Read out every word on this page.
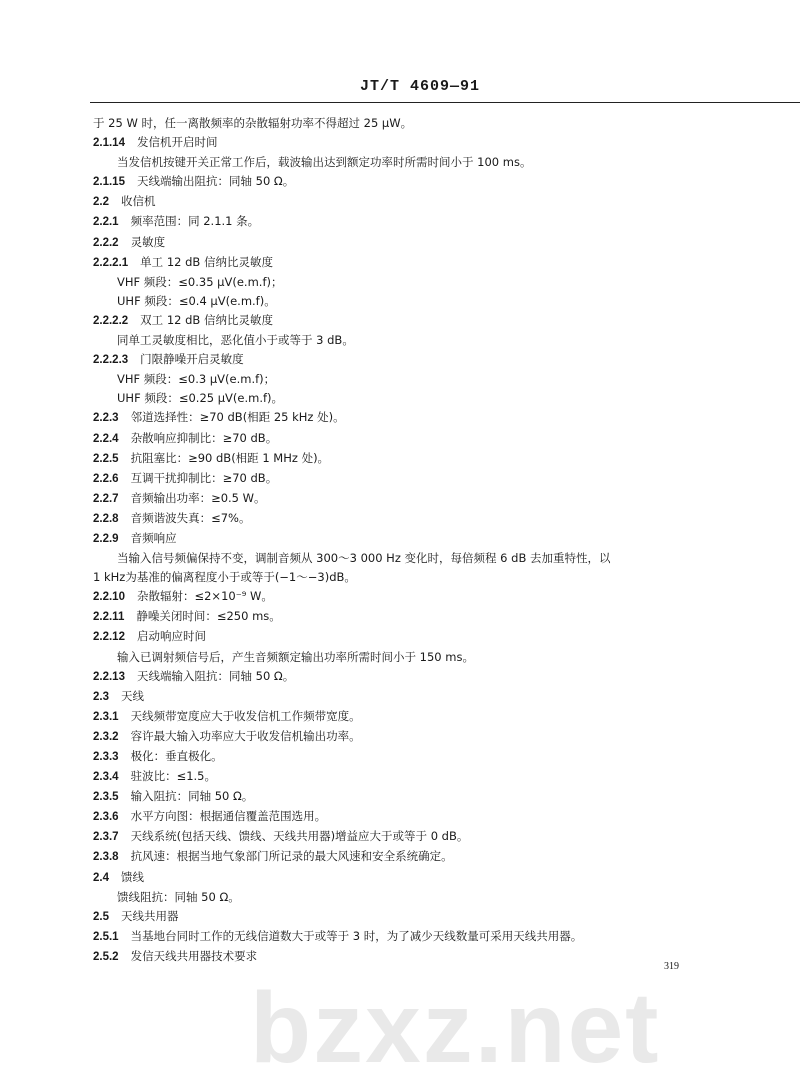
JT/T 4609—91
于 25 W 时，任一离散频率的杂散辐射功率不得超过 25 μW。
2.1.14 发信机开启时间
当发信机按键开关正常工作后，载波输出达到额定功率时所需时间小于 100 ms。
2.1.15 天线端输出阻抗：同轴 50 Ω。
2.2 收信机
2.2.1 频率范围：同 2.1.1 条。
2.2.2 灵敏度
2.2.2.1 单工 12 dB 信纳比灵敏度
VHF 频段：≤0.35 μV(e.m.f)；
UHF 频段：≤0.4 μV(e.m.f)。
2.2.2.2 双工 12 dB 信纳比灵敏度
同单工灵敏度相比，恶化值小于或等于 3 dB。
2.2.2.3 门限静噪开启灵敏度
VHF 频段：≤0.3 μV(e.m.f)；
UHF 频段：≤0.25 μV(e.m.f)。
2.2.3 邻道选择性：≥70 dB(相距 25 kHz 处)。
2.2.4 杂散响应抑制比：≥70 dB。
2.2.5 抗阻塞比：≥90 dB(相距 1 MHz 处)。
2.2.6 互调干扰抑制比：≥70 dB。
2.2.7 音频输出功率：≥0.5 W。
2.2.8 音频谐波失真：≤7%。
2.2.9 音频响应
当输入信号频偏保持不变，调制音频从 300～3 000 Hz 变化时，每倍频程 6 dB 去加重特性，以
1 kHz为基准的偏离程度小于或等于(−1～−3)dB。
2.2.10 杂散辐射：≤2×10⁻⁹ W。
2.2.11 静噪关闭时间：≤250 ms。
2.2.12 启动响应时间
输入已调射频信号后，产生音频额定输出功率所需时间小于 150 ms。
2.2.13 天线端输入阻抗：同轴 50 Ω。
2.3 天线
2.3.1 天线频带宽度应大于收发信机工作频带宽度。
2.3.2 容许最大输入功率应大于收发信机输出功率。
2.3.3 极化：垂直极化。
2.3.4 驻波比：≤1.5。
2.3.5 输入阻抗：同轴 50 Ω。
2.3.6 水平方向图：根据通信覆盖范围选用。
2.3.7 天线系统(包括天线、馈线、天线共用器)增益应大于或等于 0 dB。
2.3.8 抗风速：根据当地气象部门所记录的最大风速和安全系统确定。
2.4 馈线
馈线阻抗：同轴 50 Ω。
2.5 天线共用器
2.5.1 当基地台同时工作的无线信道数大于或等于 3 时，为了减少天线数量可采用天线共用器。
2.5.2 发信天线共用器技术要求
319
bzxz.net
